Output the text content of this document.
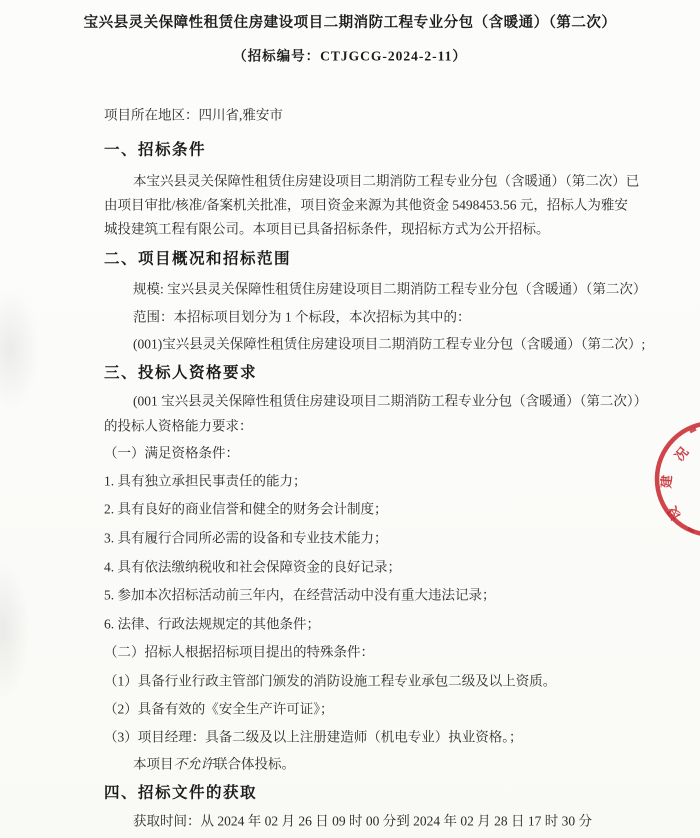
宝兴县灵关保障性租赁住房建设项目二期消防工程专业分包（含暖通）（第二次）
（招标编号：CTJGCG-2024-2-11）
项目所在地区：四川省,雅安市
一、招标条件
本宝兴县灵关保障性租赁住房建设项目二期消防工程专业分包（含暖通）（第二次）已
由项目审批/核准/备案机关批准，项目资金来源为其他资金 5498453.56 元，招标人为雅安
城投建筑工程有限公司。本项目已具备招标条件，现招标方式为公开招标。
二、项目概况和招标范围
规模: 宝兴县灵关保障性租赁住房建设项目二期消防工程专业分包（含暖通）（第二次）
范围：本招标项目划分为 1 个标段，本次招标为其中的：
(001)宝兴县灵关保障性租赁住房建设项目二期消防工程专业分包（含暖通）（第二次）;
三、投标人资格要求
(001 宝兴县灵关保障性租赁住房建设项目二期消防工程专业分包（含暖通）（第二次））
的投标人资格能力要求：
（一）满足资格条件：
1. 具有独立承担民事责任的能力；
2. 具有良好的商业信誉和健全的财务会计制度；
3. 具有履行合同所必需的设备和专业技术能力；
4. 具有依法缴纳税收和社会保障资金的良好记录；
5. 参加本次招标活动前三年内，在经营活动中没有重大违法记录；
6. 法律、行政法规规定的其他条件；
（二）招标人根据招标项目提出的特殊条件：
（1）具备行业行政主管部门颁发的消防设施工程专业承包二级及以上资质。
（2）具备有效的《安全生产许可证》；
（3）项目经理：具备二级及以上注册建造师（机电专业）执业资格。；
本项目不允许联合体投标。
四、招标文件的获取
获取时间：从 2024 年 02 月 26 日 09 时 00 分到 2024 年 02 月 28 日 17 时 30 分
况
建
设
